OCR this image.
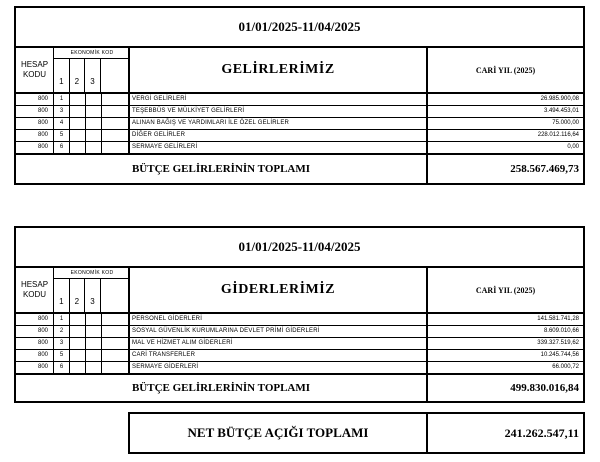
01/01/2025-11/04/2025
HESAP
KODU
EKONOMİK KOD
1	2	3
GELİRLERİMİZ	CARİ YIL (2025)
800	1	VERGİ GELİRLERİ	26.985.900,08
800	3	TEŞEBBÜS VE MÜLKİYET GELİRLERİ	3.494.453,01
800	4	ALINAN BAĞIŞ VE YARDIMLARI İLE ÖZEL GELİRLER	75.000,00
800	5	DİĞER GELİRLER	228.012.116,64
800	6	SERMAYE GELİRLERİ	0,00
BÜTÇE GELİRLERİNİN TOPLAMI	258.567.469,73
01/01/2025-11/04/2025
HESAP
KODU
EKONOMİK KOD
1	2	3
GİDERLERİMİZ	CARİ YIL (2025)
800	1	PERSONEL GİDERLERİ	141.581.741,28
800	2	SOSYAL GÜVENLİK KURUMLARINA DEVLET PRİMİ GİDERLERİ	8.609.010,66
800	3	MAL VE HİZMET ALIM GİDERLERİ	339.327.519,62
800	5	CARİ TRANSFERLER	10.245.744,56
800	6	SERMAYE GİDERLERİ	66.000,72
BÜTÇE GELİRLERİNİN TOPLAMI	499.830.016,84
NET BÜTÇE AÇIĞI TOPLAMI	241.262.547,11
